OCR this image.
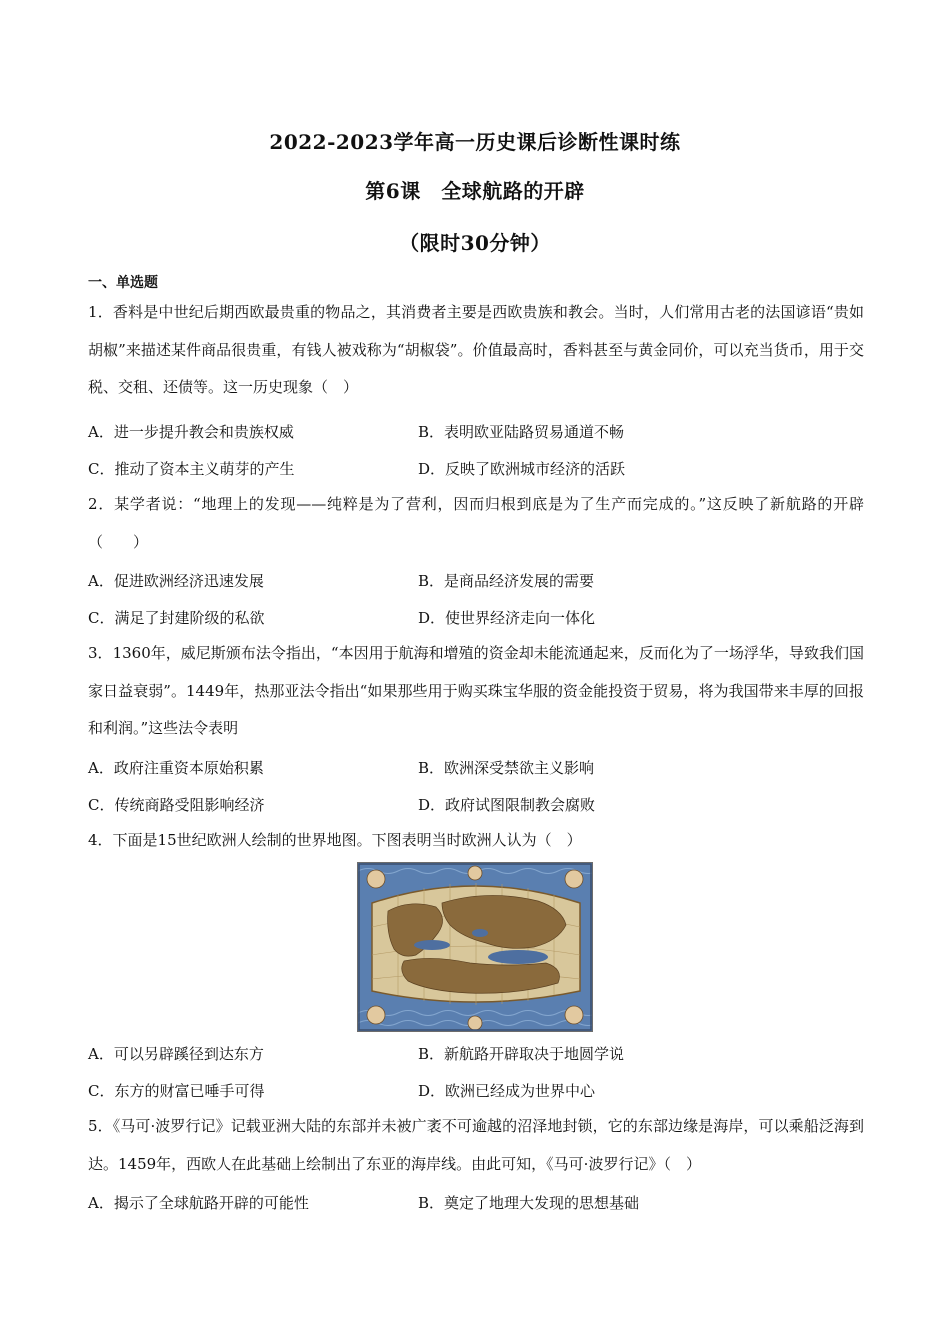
2022-2023学年高一历史课后诊断性课时练
第6课　全球航路的开辟
（限时30分钟）
一、单选题
1．香料是中世纪后期西欧最贵重的物品之，其消费者主要是西欧贵族和教会。当时，人们常用古老的法国谚语“贵如胡椒”来描述某件商品很贵重，有钱人被戏称为“胡椒袋”。价值最高时，香料甚至与黄金同价，可以充当货币，用于交税、交租、还债等。这一历史现象（　）
A．进一步提升教会和贵族权威	B．表明欧亚陆路贸易通道不畅
C．推动了资本主义萌芽的产生	D．反映了欧洲城市经济的活跃
2．某学者说：“地理上的发现——纯粹是为了营利，因而归根到底是为了生产而完成的。”这反映了新航路的开辟（　　）
A．促进欧洲经济迅速发展	B．是商品经济发展的需要
C．满足了封建阶级的私欲	D．使世界经济走向一体化
3．1360年，威尼斯颁布法令指出，“本因用于航海和增殖的资金却未能流通起来，反而化为了一场浮华，导致我们国家日益衰弱”。1449年，热那亚法令指出“如果那些用于购买珠宝华服的资金能投资于贸易，将为我国带来丰厚的回报和利润。”这些法令表明
A．政府注重资本原始积累	B．欧洲深受禁欲主义影响
C．传统商路受阻影响经济	D．政府试图限制教会腐败
4．下面是15世纪欧洲人绘制的世界地图。下图表明当时欧洲人认为（　）
A．可以另辟蹊径到达东方	B．新航路开辟取决于地圆学说
C．东方的财富已唾手可得	D．欧洲已经成为世界中心
5．《马可·波罗行记》记载亚洲大陆的东部并未被广袤不可逾越的沼泽地封锁，它的东部边缘是海岸，可以乘船泛海到达。1459年，西欧人在此基础上绘制出了东亚的海岸线。由此可知，《马可·波罗行记》（　）
A．揭示了全球航路开辟的可能性	B．奠定了地理大发现的思想基础
